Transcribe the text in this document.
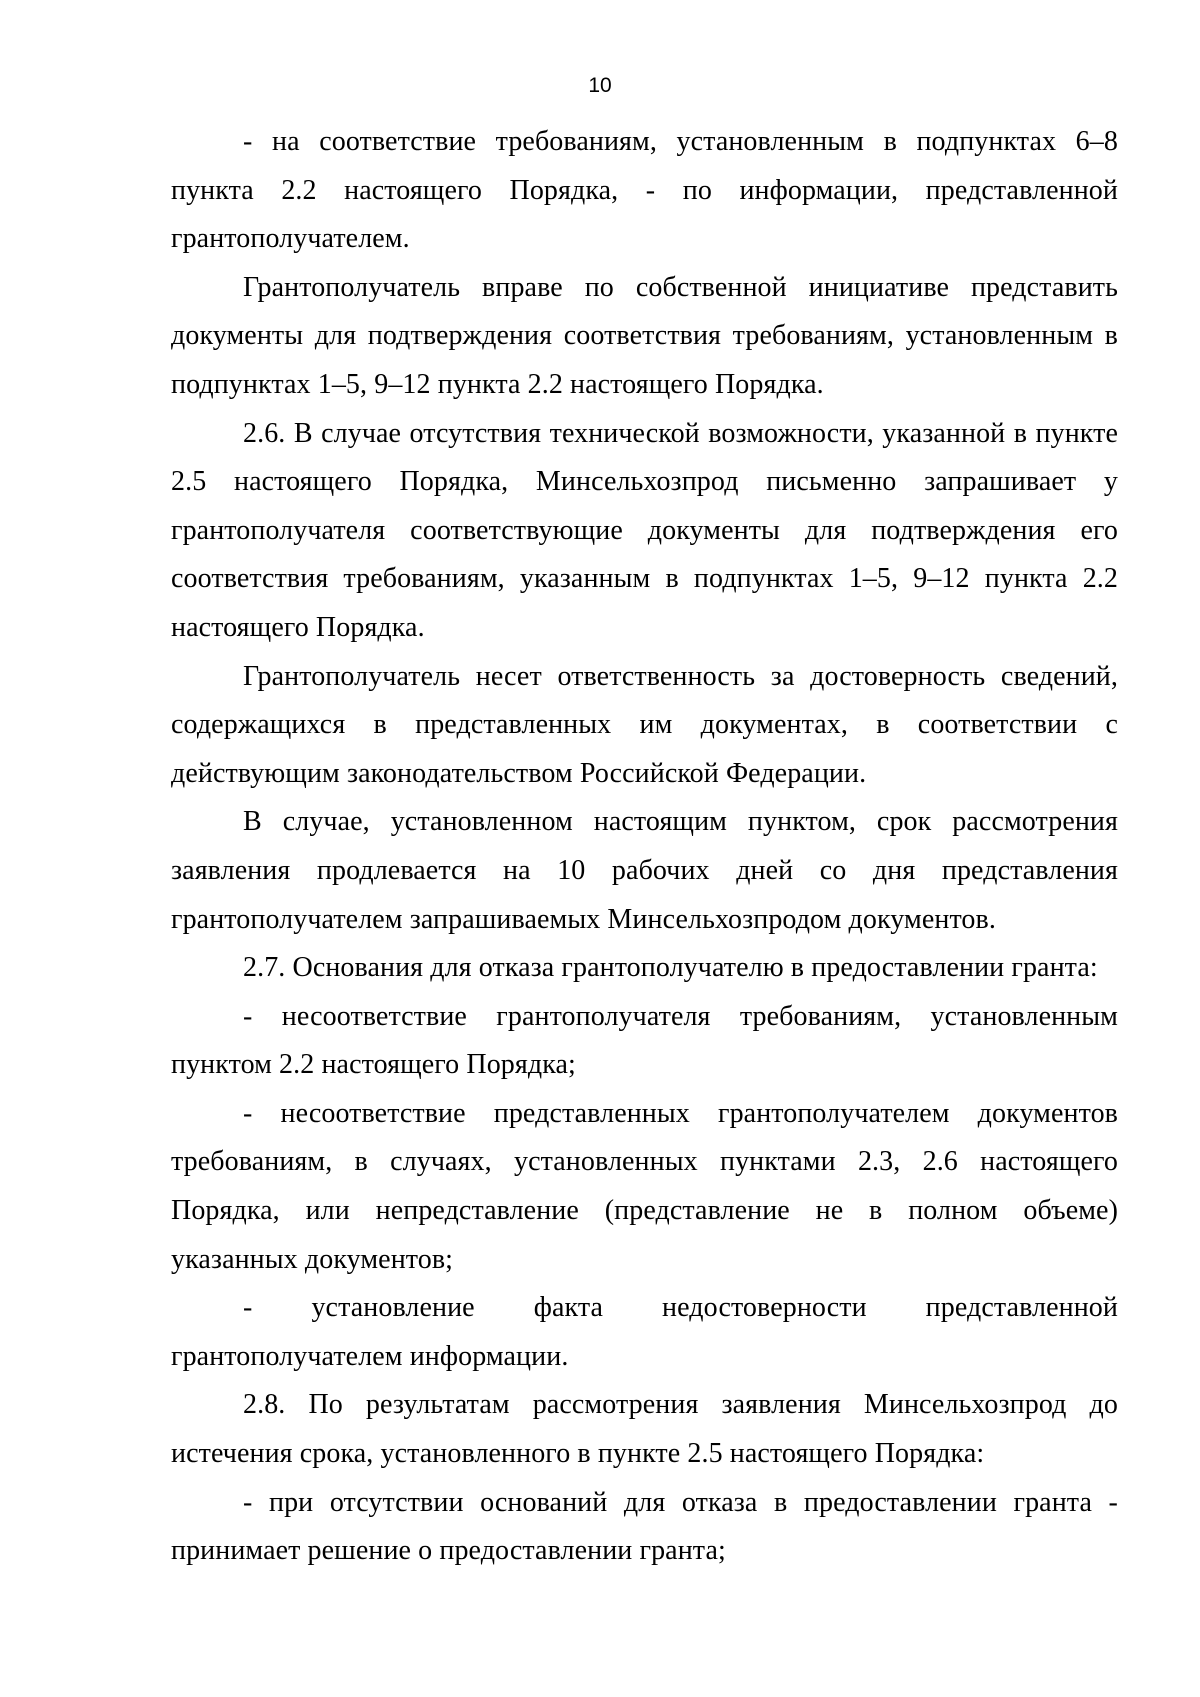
10

- на соответствие требованиям, установленным в подпунктах 6–8 пункта 2.2 настоящего Порядка, - по информации, представленной грантополучателем.

Грантополучатель вправе по собственной инициативе представить документы для подтверждения соответствия требованиям, установленным в подпунктах 1–5, 9–12 пункта 2.2 настоящего Порядка.

2.6. В случае отсутствия технической возможности, указанной в пункте 2.5 настоящего Порядка, Минсельхозпрод письменно запрашивает у грантополучателя соответствующие документы для подтверждения его соответствия требованиям, указанным в подпунктах 1–5, 9–12 пункта 2.2 настоящего Порядка.

Грантополучатель несет ответственность за достоверность сведений, содержащихся в представленных им документах, в соответствии с действующим законодательством Российской Федерации.

В случае, установленном настоящим пунктом, срок рассмотрения заявления продлевается на 10 рабочих дней со дня представления грантополучателем запрашиваемых Минсельхозпродом документов.

2.7. Основания для отказа грантополучателю в предоставлении гранта:

- несоответствие грантополучателя требованиям, установленным пунктом 2.2 настоящего Порядка;

- несоответствие представленных грантополучателем документов требованиям, в случаях, установленных пунктами 2.3, 2.6 настоящего Порядка, или непредставление (представление не в полном объеме) указанных документов;

- установление факта недостоверности представленной грантополучателем информации.

2.8. По результатам рассмотрения заявления Минсельхозпрод до истечения срока, установленного в пункте 2.5 настоящего Порядка:

- при отсутствии оснований для отказа в предоставлении гранта - принимает решение о предоставлении гранта;
